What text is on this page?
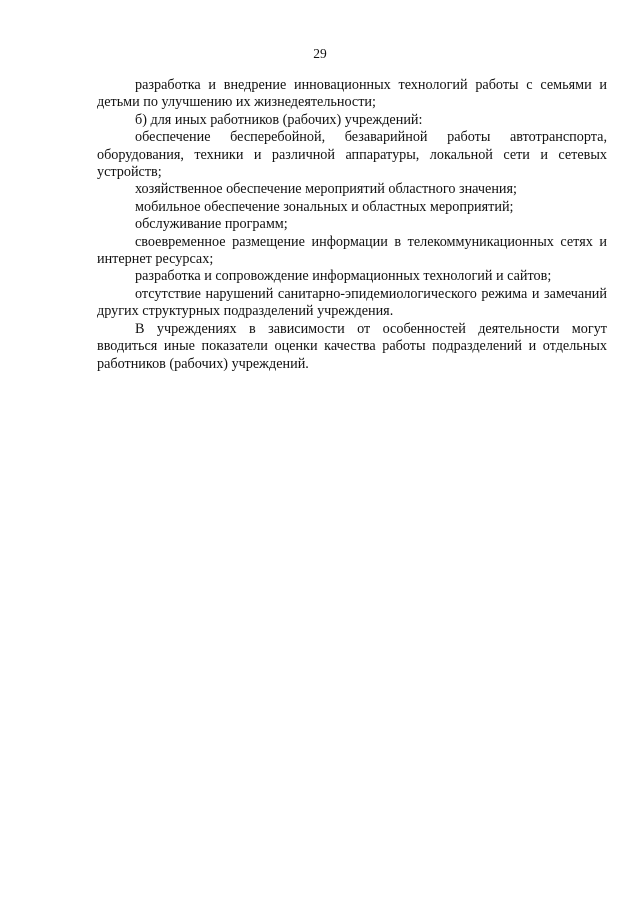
29

разработка и внедрение инновационных технологий работы с семьями и детьми по улучшению их жизнедеятельности;

б) для иных работников (рабочих) учреждений:

обеспечение бесперебойной, безаварийной работы автотранспорта, оборудования, техники и различной аппаратуры, локальной сети и сетевых устройств;

хозяйственное обеспечение мероприятий областного значения;

мобильное обеспечение зональных и областных мероприятий;

обслуживание программ;

своевременное размещение информации в телекоммуникационных сетях и интернет ресурсах;

разработка и сопровождение информационных технологий и сайтов;

отсутствие нарушений санитарно-эпидемиологического режима и замечаний других структурных подразделений учреждения.

В учреждениях в зависимости от особенностей деятельности могут вводиться иные показатели оценки качества работы подразделений и отдельных работников (рабочих) учреждений.
